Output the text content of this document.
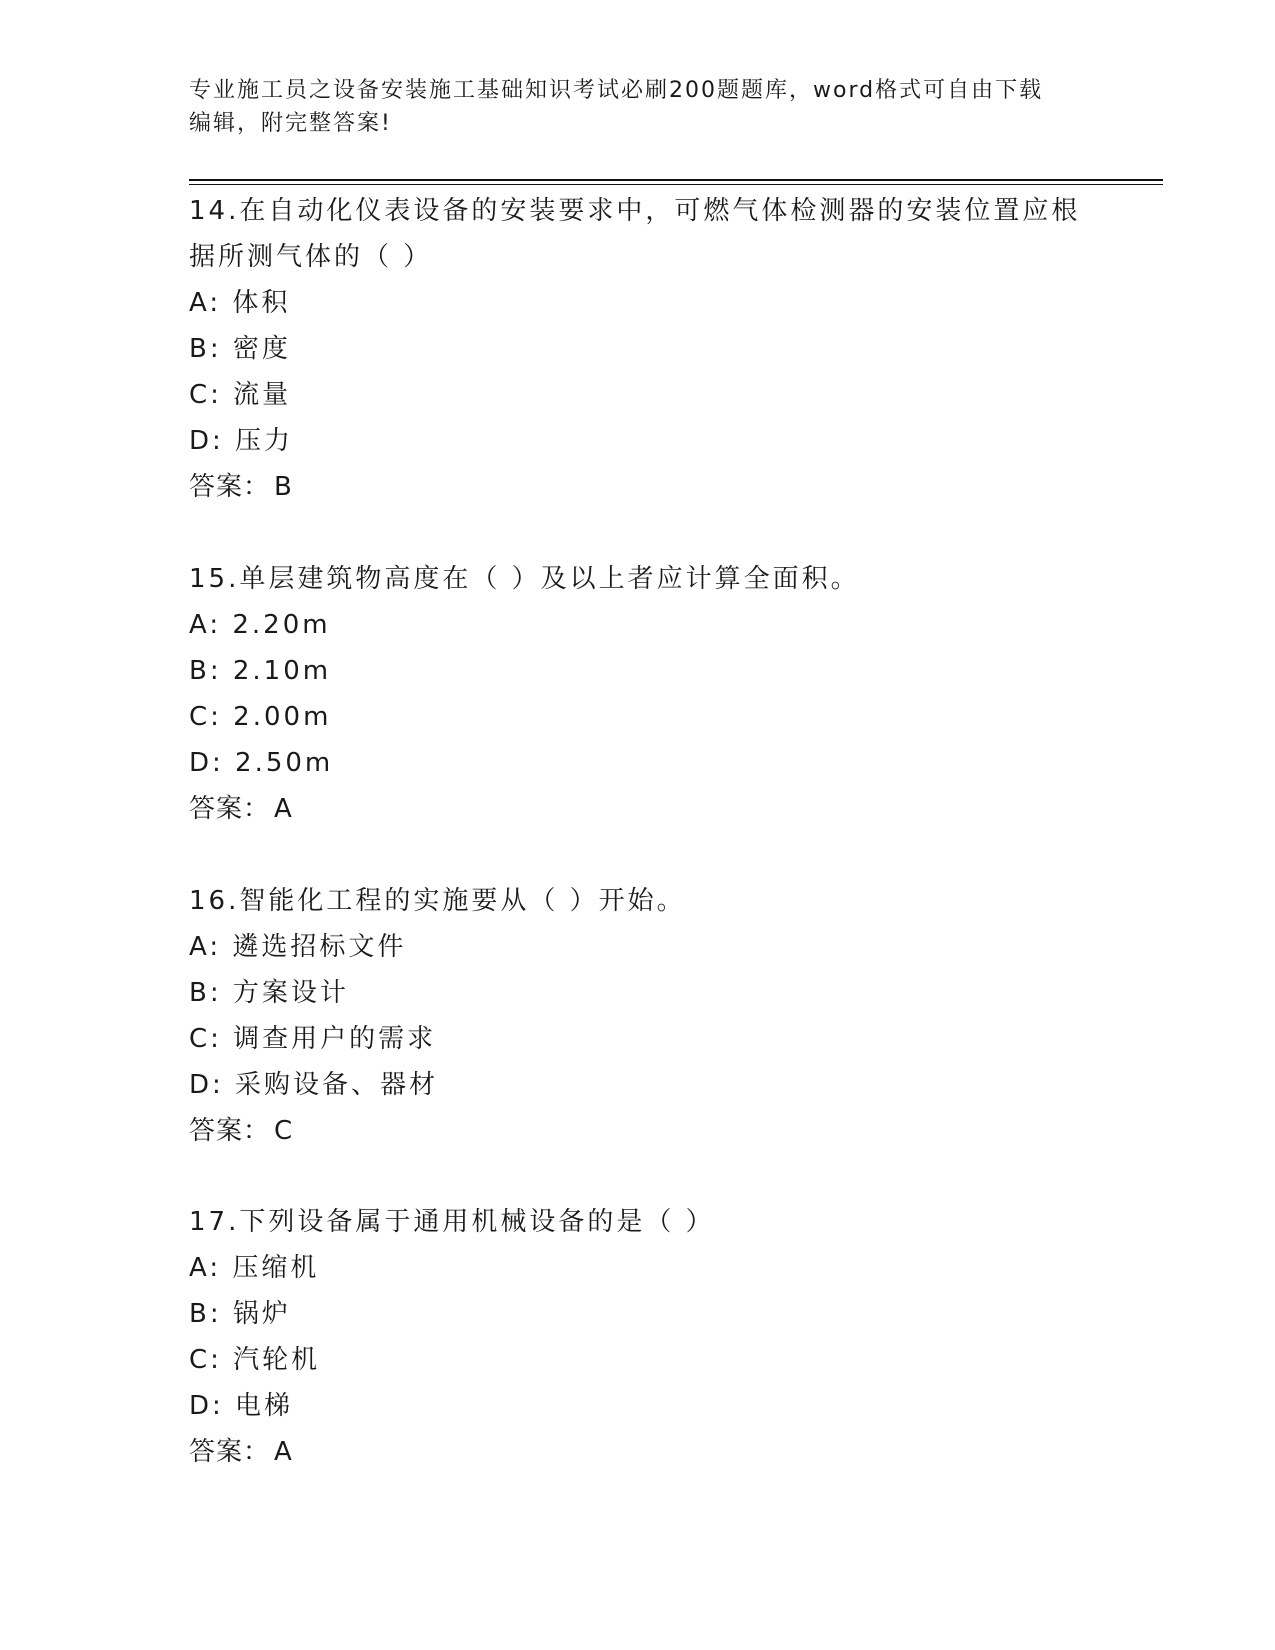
专业施工员之设备安装施工基础知识考试必刷200题题库，word格式可自由下载
编辑，附完整答案!
14.在自动化仪表设备的安装要求中，可燃气体检测器的安装位置应根
据所测气体的（ ）
A: 体积
B: 密度
C: 流量
D: 压力
答案： B
15.单层建筑物高度在（ ）及以上者应计算全面积。
A: 2.20m
B: 2.10m
C: 2.00m
D: 2.50m
答案： A
16.智能化工程的实施要从（ ）开始。
A: 遴选招标文件
B: 方案设计
C: 调查用户的需求
D: 采购设备、器材
答案： C
17.下列设备属于通用机械设备的是（ ）
A: 压缩机
B: 锅炉
C: 汽轮机
D: 电梯
答案： A
